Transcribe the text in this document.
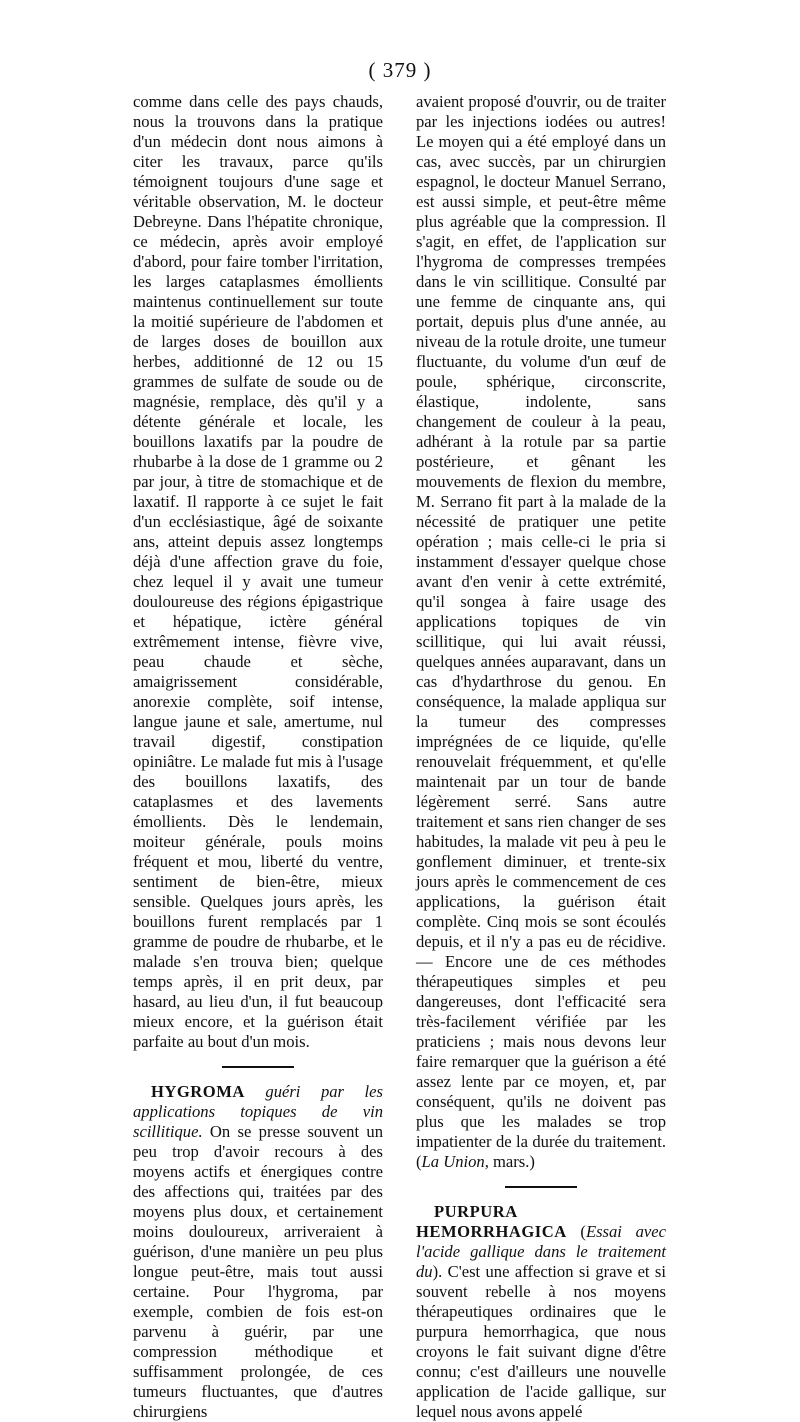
( 379 )

comme dans celle des pays chauds, nous la trouvons dans la pratique d'un médecin dont nous aimons à citer les travaux, parce qu'ils témoignent toujours d'une sage et véritable observation, M. le docteur Debreyne. Dans l'hépatite chronique, ce médecin, après avoir employé d'abord, pour faire tomber l'irritation, les larges cataplasmes émollients maintenus continuellement sur toute la moitié supérieure de l'abdomen et de larges doses de bouillon aux herbes, additionné de 12 ou 15 grammes de sulfate de soude ou de magnésie, remplace, dès qu'il y a détente générale et locale, les bouillons laxatifs par la poudre de rhubarbe à la dose de 1 gramme ou 2 par jour, à titre de stomachique et de laxatif. Il rapporte à ce sujet le fait d'un ecclésiastique, âgé de soixante ans, atteint depuis assez longtemps déjà d'une affection grave du foie, chez lequel il y avait une tumeur douloureuse des régions épigastrique et hépatique, ictère général extrêmement intense, fièvre vive, peau chaude et sèche, amaigrissement considérable, anorexie complète, soif intense, langue jaune et sale, amertume, nul travail digestif, constipation opiniâtre. Le malade fut mis à l'usage des bouillons laxatifs, des cataplasmes et des lavements émollients. Dès le lendemain, moiteur générale, pouls moins fréquent et mou, liberté du ventre, sentiment de bien-être, mieux sensible. Quelques jours après, les bouillons furent remplacés par 1 gramme de poudre de rhubarbe, et le malade s'en trouva bien; quelque temps après, il en prit deux, par hasard, au lieu d'un, il fut beaucoup mieux encore, et la guérison était parfaite au bout d'un mois.

HYGROMA guéri par les applications topiques de vin scillitique. On se presse souvent un peu trop d'avoir recours à des moyens actifs et énergiques contre des affections qui, traitées par des moyens plus doux, et certainement moins douloureux, arriveraient à guérison, d'une manière un peu plus longue peut-être, mais tout aussi certaine. Pour l'hygroma, par exemple, combien de fois est-on parvenu à guérir, par une compression méthodique et suffisamment prolongée, de ces tumeurs fluctuantes, que d'autres chirurgiens

avaient proposé d'ouvrir, ou de traiter par les injections iodées ou autres! Le moyen qui a été employé dans un cas, avec succès, par un chirurgien espagnol, le docteur Manuel Serrano, est aussi simple, et peut-être même plus agréable que la compression. Il s'agit, en effet, de l'application sur l'hygroma de compresses trempées dans le vin scillitique. Consulté par une femme de cinquante ans, qui portait, depuis plus d'une année, au niveau de la rotule droite, une tumeur fluctuante, du volume d'un œuf de poule, sphérique, circonscrite, élastique, indolente, sans changement de couleur à la peau, adhérant à la rotule par sa partie postérieure, et gênant les mouvements de flexion du membre, M. Serrano fit part à la malade de la nécessité de pratiquer une petite opération ; mais celle-ci le pria si instamment d'essayer quelque chose avant d'en venir à cette extrémité, qu'il songea à faire usage des applications topiques de vin scillitique, qui lui avait réussi, quelques années auparavant, dans un cas d'hydarthrose du genou. En conséquence, la malade appliqua sur la tumeur des compresses imprégnées de ce liquide, qu'elle renouvelait fréquemment, et qu'elle maintenait par un tour de bande légèrement serré. Sans autre traitement et sans rien changer de ses habitudes, la malade vit peu à peu le gonflement diminuer, et trente-six jours après le commencement de ces applications, la guérison était complète. Cinq mois se sont écoulés depuis, et il n'y a pas eu de récidive. — Encore une de ces méthodes thérapeutiques simples et peu dangereuses, dont l'efficacité sera très-facilement vérifiée par les praticiens ; mais nous devons leur faire remarquer que la guérison a été assez lente par ce moyen, et, par conséquent, qu'ils ne doivent pas plus que les malades se trop impatienter de la durée du traitement. (La Union, mars.)

PURPURA HEMORRHAGICA (Essai avec l'acide gallique dans le traitement du). C'est une affection si grave et si souvent rebelle à nos moyens thérapeutiques ordinaires que le purpura hemorrhagica, que nous croyons le fait suivant digne d'être connu; c'est d'ailleurs une nouvelle application de l'acide gallique, sur lequel nous avons appelé
